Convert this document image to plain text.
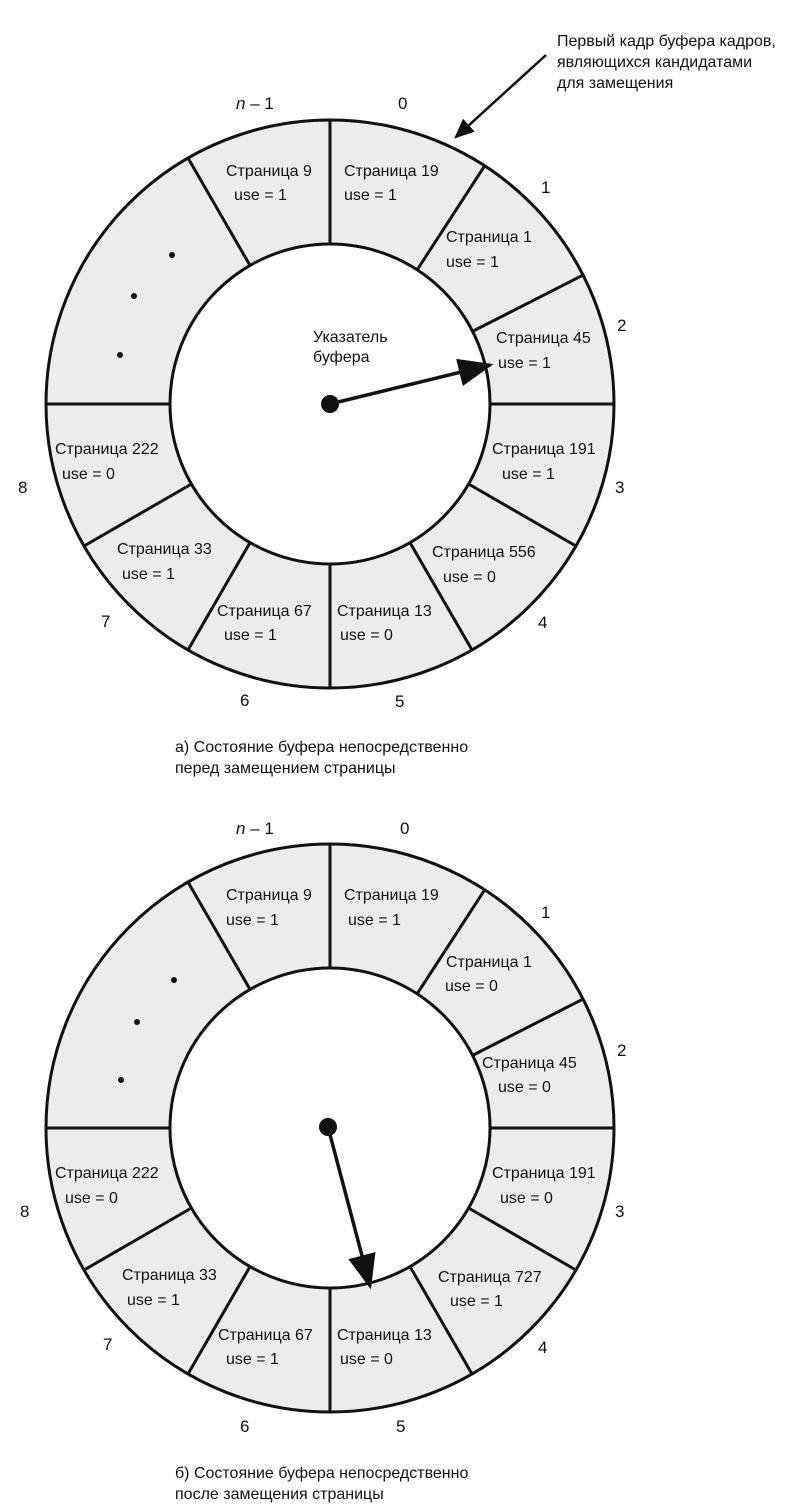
Первый кадр буфера кадров,
являющихся кандидатами
для замещения
Страница 19
use = 1
0
Страница 1
use = 1
1
Страница 45
use = 1
2
Страница 191
use = 1
3
Страница 556
use = 0
4
Страница 13
use = 0
5
Страница 67
use = 1
6
Страница 33
use = 1
7
Страница 222
use = 0
8
Страница 9
use = 1
n – 1
Указатель
буфера
а) Состояние буфера непосредственно
перед замещением страницы
Страница 19
use = 1
0
Страница 1
use = 0
1
Страница 45
use = 0
2
Страница 191
use = 0
3
Страница 727
use = 1
4
Страница 13
use = 0
5
Страница 67
use = 1
6
Страница 33
use = 1
7
Страница 222
use = 0
8
Страница 9
use = 1
n – 1
б) Состояние буфера непосредственно
после замещения страницы
